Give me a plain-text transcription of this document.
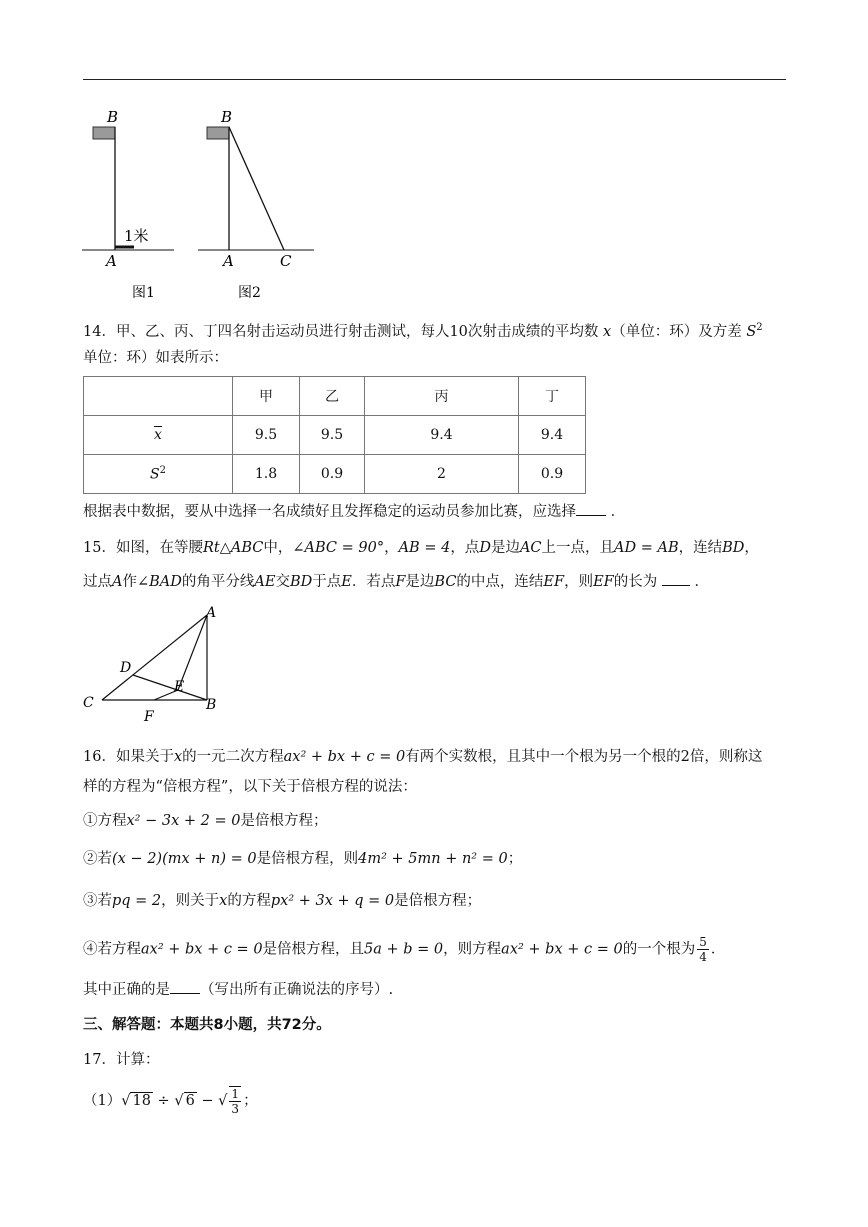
B
A
1米
图1
B
A	C
图2
14．甲、乙、丙、丁四名射击运动员进行射击测试，每人10次射击成绩的平均数 x（单位：环）及方差 $S^2$
单位：环）如表所示：
	甲	乙	丙	丁
$\overline{x}$	9.5	9.5	9.4	9.4
$S^2$	1.8	0.9	2	0.9
根据表中数据，要从中选择一名成绩好且发挥稳定的运动员参加比赛，应选择 ．
15．如图，在等腰Rt△ABC中，∠ABC = 90°，AB = 4，点D是边AC上一点，且AD = AB，连结BD，
过点A作∠BAD的角平分线AE交BD于点E．若点F是边BC的中点，连结EF，则EF的长为	．
A
B
C
D
E
F
16．如果关于x的一元二次方程ax² + bx + c = 0有两个实数根，且其中一个根为另一个根的2倍，则称这
样的方程为“倍根方程”，以下关于倍根方程的说法：
①方程x² − 3x + 2 = 0是倍根方程；
②若(x − 2)(mx + n) = 0是倍根方程，则4m² + 5mn + n² = 0；
③若pq = 2，则关于x的方程px² + 3x + q = 0是倍根方程；
④若方程ax² + bx + c = 0是倍根方程，且5a + b = 0，则方程ax² + bx + c = 0的一个根为 $\frac{5}{4}$ ．
其中正确的是 （写出所有正确说法的序号）.
三、解答题：本题共8小题，共72分。
17．计算：
（1）√ 18 ÷ √ 6 − √ $\frac{1}{3}$ ；
